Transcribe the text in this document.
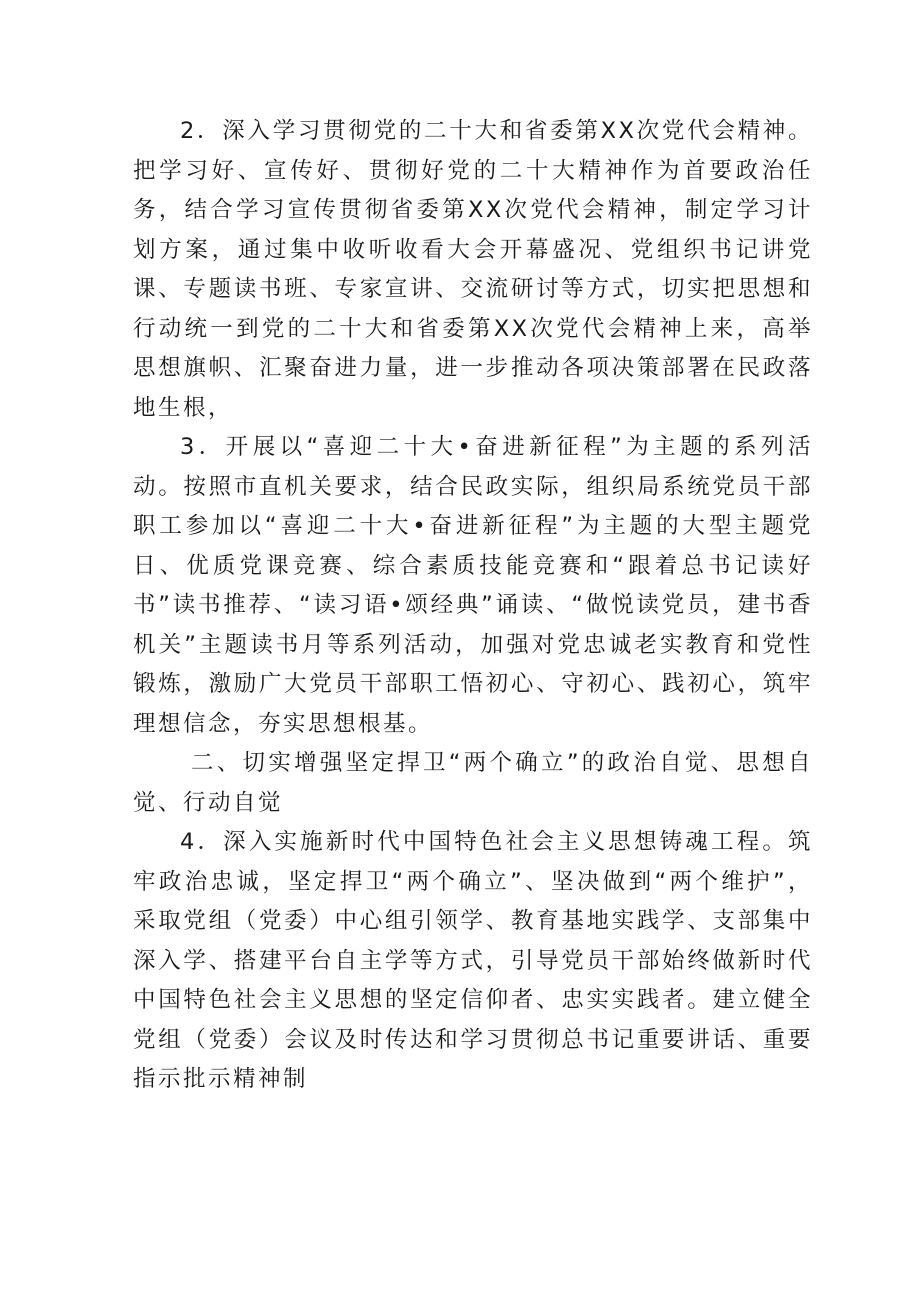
2．深入学习贯彻党的二十大和省委第XX次党代会精神。把学习好、宣传好、贯彻好党的二十大精神作为首要政治任务，结合学习宣传贯彻省委第XX次党代会精神，制定学习计划方案，通过集中收听收看大会开幕盛况、党组织书记讲党课、专题读书班、专家宣讲、交流研讨等方式，切实把思想和行动统一到党的二十大和省委第XX次党代会精神上来，高举思想旗帜、汇聚奋进力量，进一步推动各项决策部署在民政落地生根，

3．开展以“喜迎二十大•奋进新征程”为主题的系列活动。按照市直机关要求，结合民政实际，组织局系统党员干部职工参加以“喜迎二十大•奋进新征程”为主题的大型主题党日、优质党课竞赛、综合素质技能竞赛和“跟着总书记读好书”读书推荐、“读习语•颂经典”诵读、“做悦读党员，建书香机关”主题读书月等系列活动，加强对党忠诚老实教育和党性锻炼，激励广大党员干部职工悟初心、守初心、践初心，筑牢理想信念，夯实思想根基。

二、切实增强坚定捍卫“两个确立”的政治自觉、思想自觉、行动自觉

4．深入实施新时代中国特色社会主义思想铸魂工程。筑牢政治忠诚，坚定捍卫“两个确立”、坚决做到“两个维护”，采取党组（党委）中心组引领学、教育基地实践学、支部集中深入学、搭建平台自主学等方式，引导党员干部始终做新时代中国特色社会主义思想的坚定信仰者、忠实实践者。建立健全党组（党委）会议及时传达和学习贯彻总书记重要讲话、重要指示批示精神制
